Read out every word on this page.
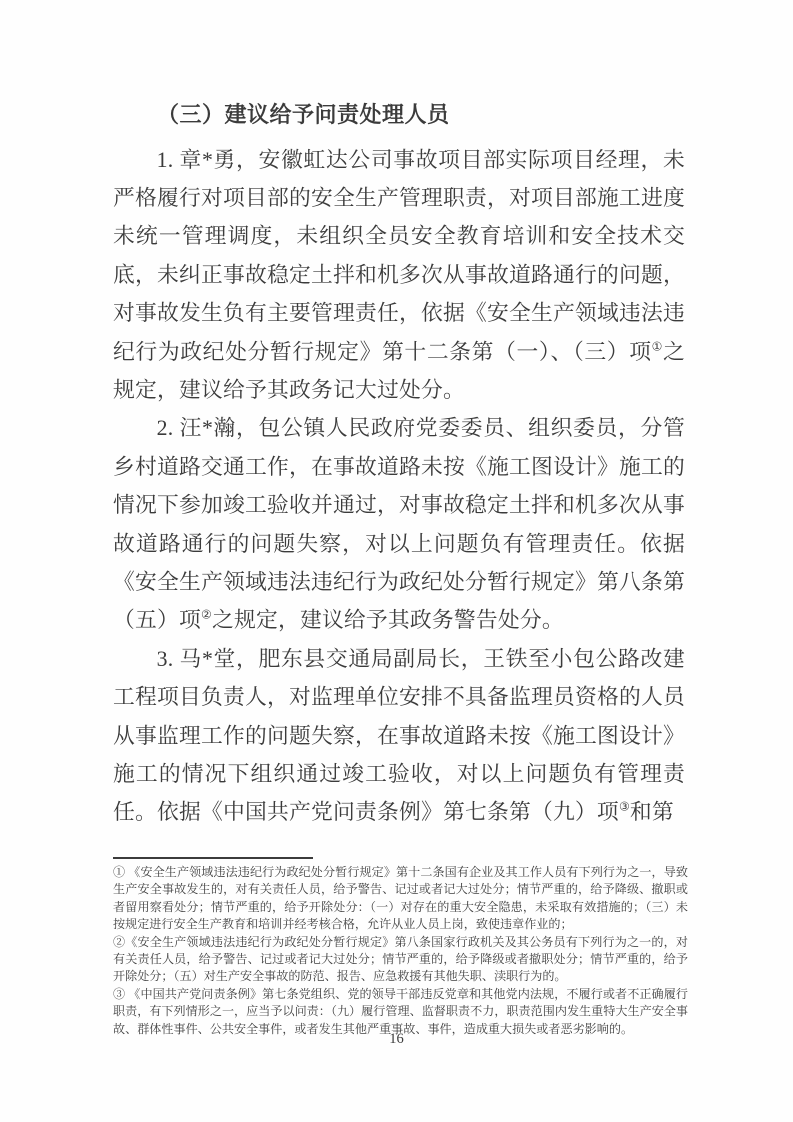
（三）建议给予问责处理人员

1. 章*勇，安徽虹达公司事故项目部实际项目经理，未严格履行对项目部的安全生产管理职责，对项目部施工进度未统一管理调度，未组织全员安全教育培训和安全技术交底，未纠正事故稳定土拌和机多次从事故道路通行的问题，对事故发生负有主要管理责任，依据《安全生产领域违法违纪行为政纪处分暂行规定》第十二条第（一）、（三）项①之规定，建议给予其政务记大过处分。

2. 汪*瀚，包公镇人民政府党委委员、组织委员，分管乡村道路交通工作，在事故道路未按《施工图设计》施工的情况下参加竣工验收并通过，对事故稳定土拌和机多次从事故道路通行的问题失察，对以上问题负有管理责任。依据《安全生产领域违法违纪行为政纪处分暂行规定》第八条第（五）项②之规定，建议给予其政务警告处分。

3. 马*堂，肥东县交通局副局长，王铁至小包公路改建工程项目负责人，对监理单位安排不具备监理员资格的人员从事监理工作的问题失察，在事故道路未按《施工图设计》施工的情况下组织通过竣工验收，对以上问题负有管理责任。依据《中国共产党问责条例》第七条第（九）项③和第

① 《安全生产领域违法违纪行为政纪处分暂行规定》第十二条国有企业及其工作人员有下列行为之一，导致生产安全事故发生的，对有关责任人员，给予警告、记过或者记大过处分；情节严重的，给予降级、撤职或者留用察看处分；情节严重的，给予开除处分：（一）对存在的重大安全隐患，未采取有效措施的；（三）未按规定进行安全生产教育和培训并经考核合格，允许从业人员上岗，致使违章作业的；
②《安全生产领域违法违纪行为政纪处分暂行规定》第八条国家行政机关及其公务员有下列行为之一的，对有关责任人员，给予警告、记过或者记大过处分；情节严重的，给予降级或者撤职处分；情节严重的，给予开除处分；（五）对生产安全事故的防范、报告、应急救援有其他失职、渎职行为的。
③ 《中国共产党问责条例》第七条党组织、党的领导干部违反党章和其他党内法规，不履行或者不正确履行职责，有下列情形之一，应当予以问责：（九）履行管理、监督职责不力，职责范围内发生重特大生产安全事故、群体性事件、公共安全事件，或者发生其他严重事故、事件，造成重大损失或者恶劣影响的。
16
